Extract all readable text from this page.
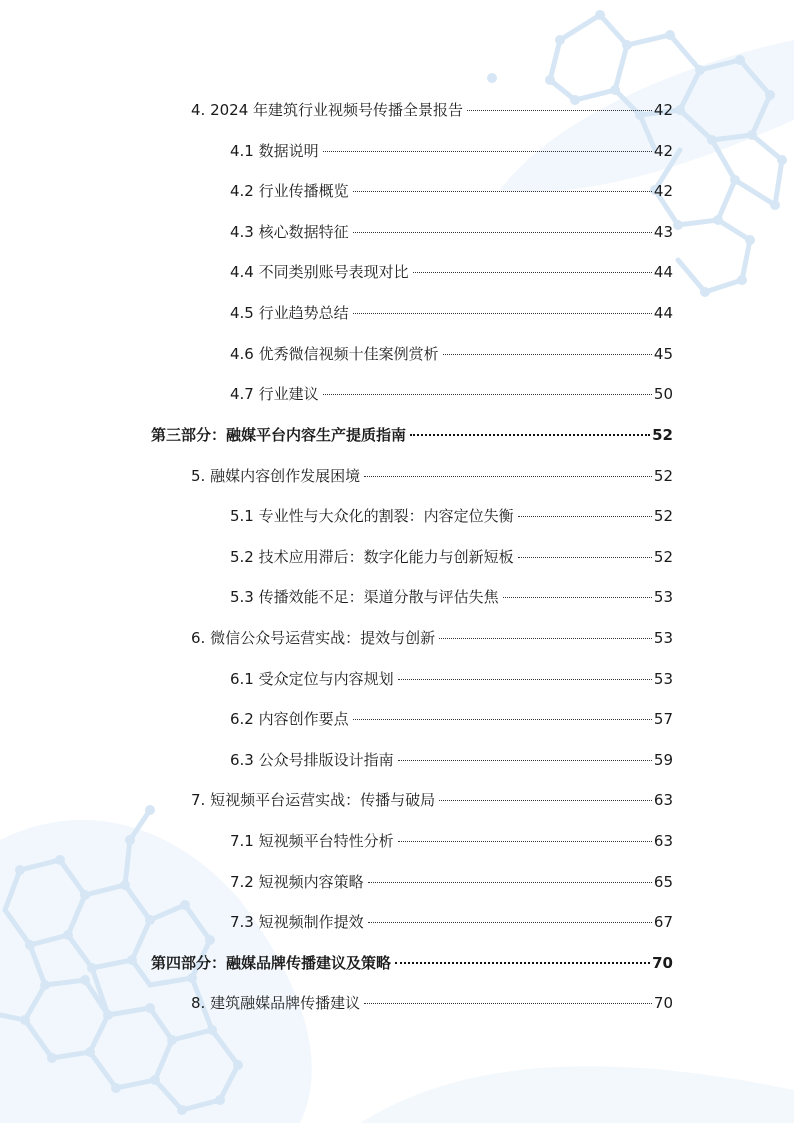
4. 2024 年建筑行业视频号传播全景报告	42
4.1 数据说明	42
4.2 行业传播概览	42
4.3 核心数据特征	43
4.4 不同类别账号表现对比	44
4.5 行业趋势总结	44
4.6 优秀微信视频十佳案例赏析	45
4.7 行业建议	50
第三部分：融媒平台内容生产提质指南	52
5. 融媒内容创作发展困境	52
5.1 专业性与大众化的割裂：内容定位失衡	52
5.2 技术应用滞后：数字化能力与创新短板	52
5.3 传播效能不足：渠道分散与评估失焦	53
6. 微信公众号运营实战：提效与创新	53
6.1 受众定位与内容规划	53
6.2 内容创作要点	57
6.3 公众号排版设计指南	59
7. 短视频平台运营实战：传播与破局	63
7.1 短视频平台特性分析	63
7.2 短视频内容策略	65
7.3 短视频制作提效	67
第四部分：融媒品牌传播建议及策略	70
8. 建筑融媒品牌传播建议	70
